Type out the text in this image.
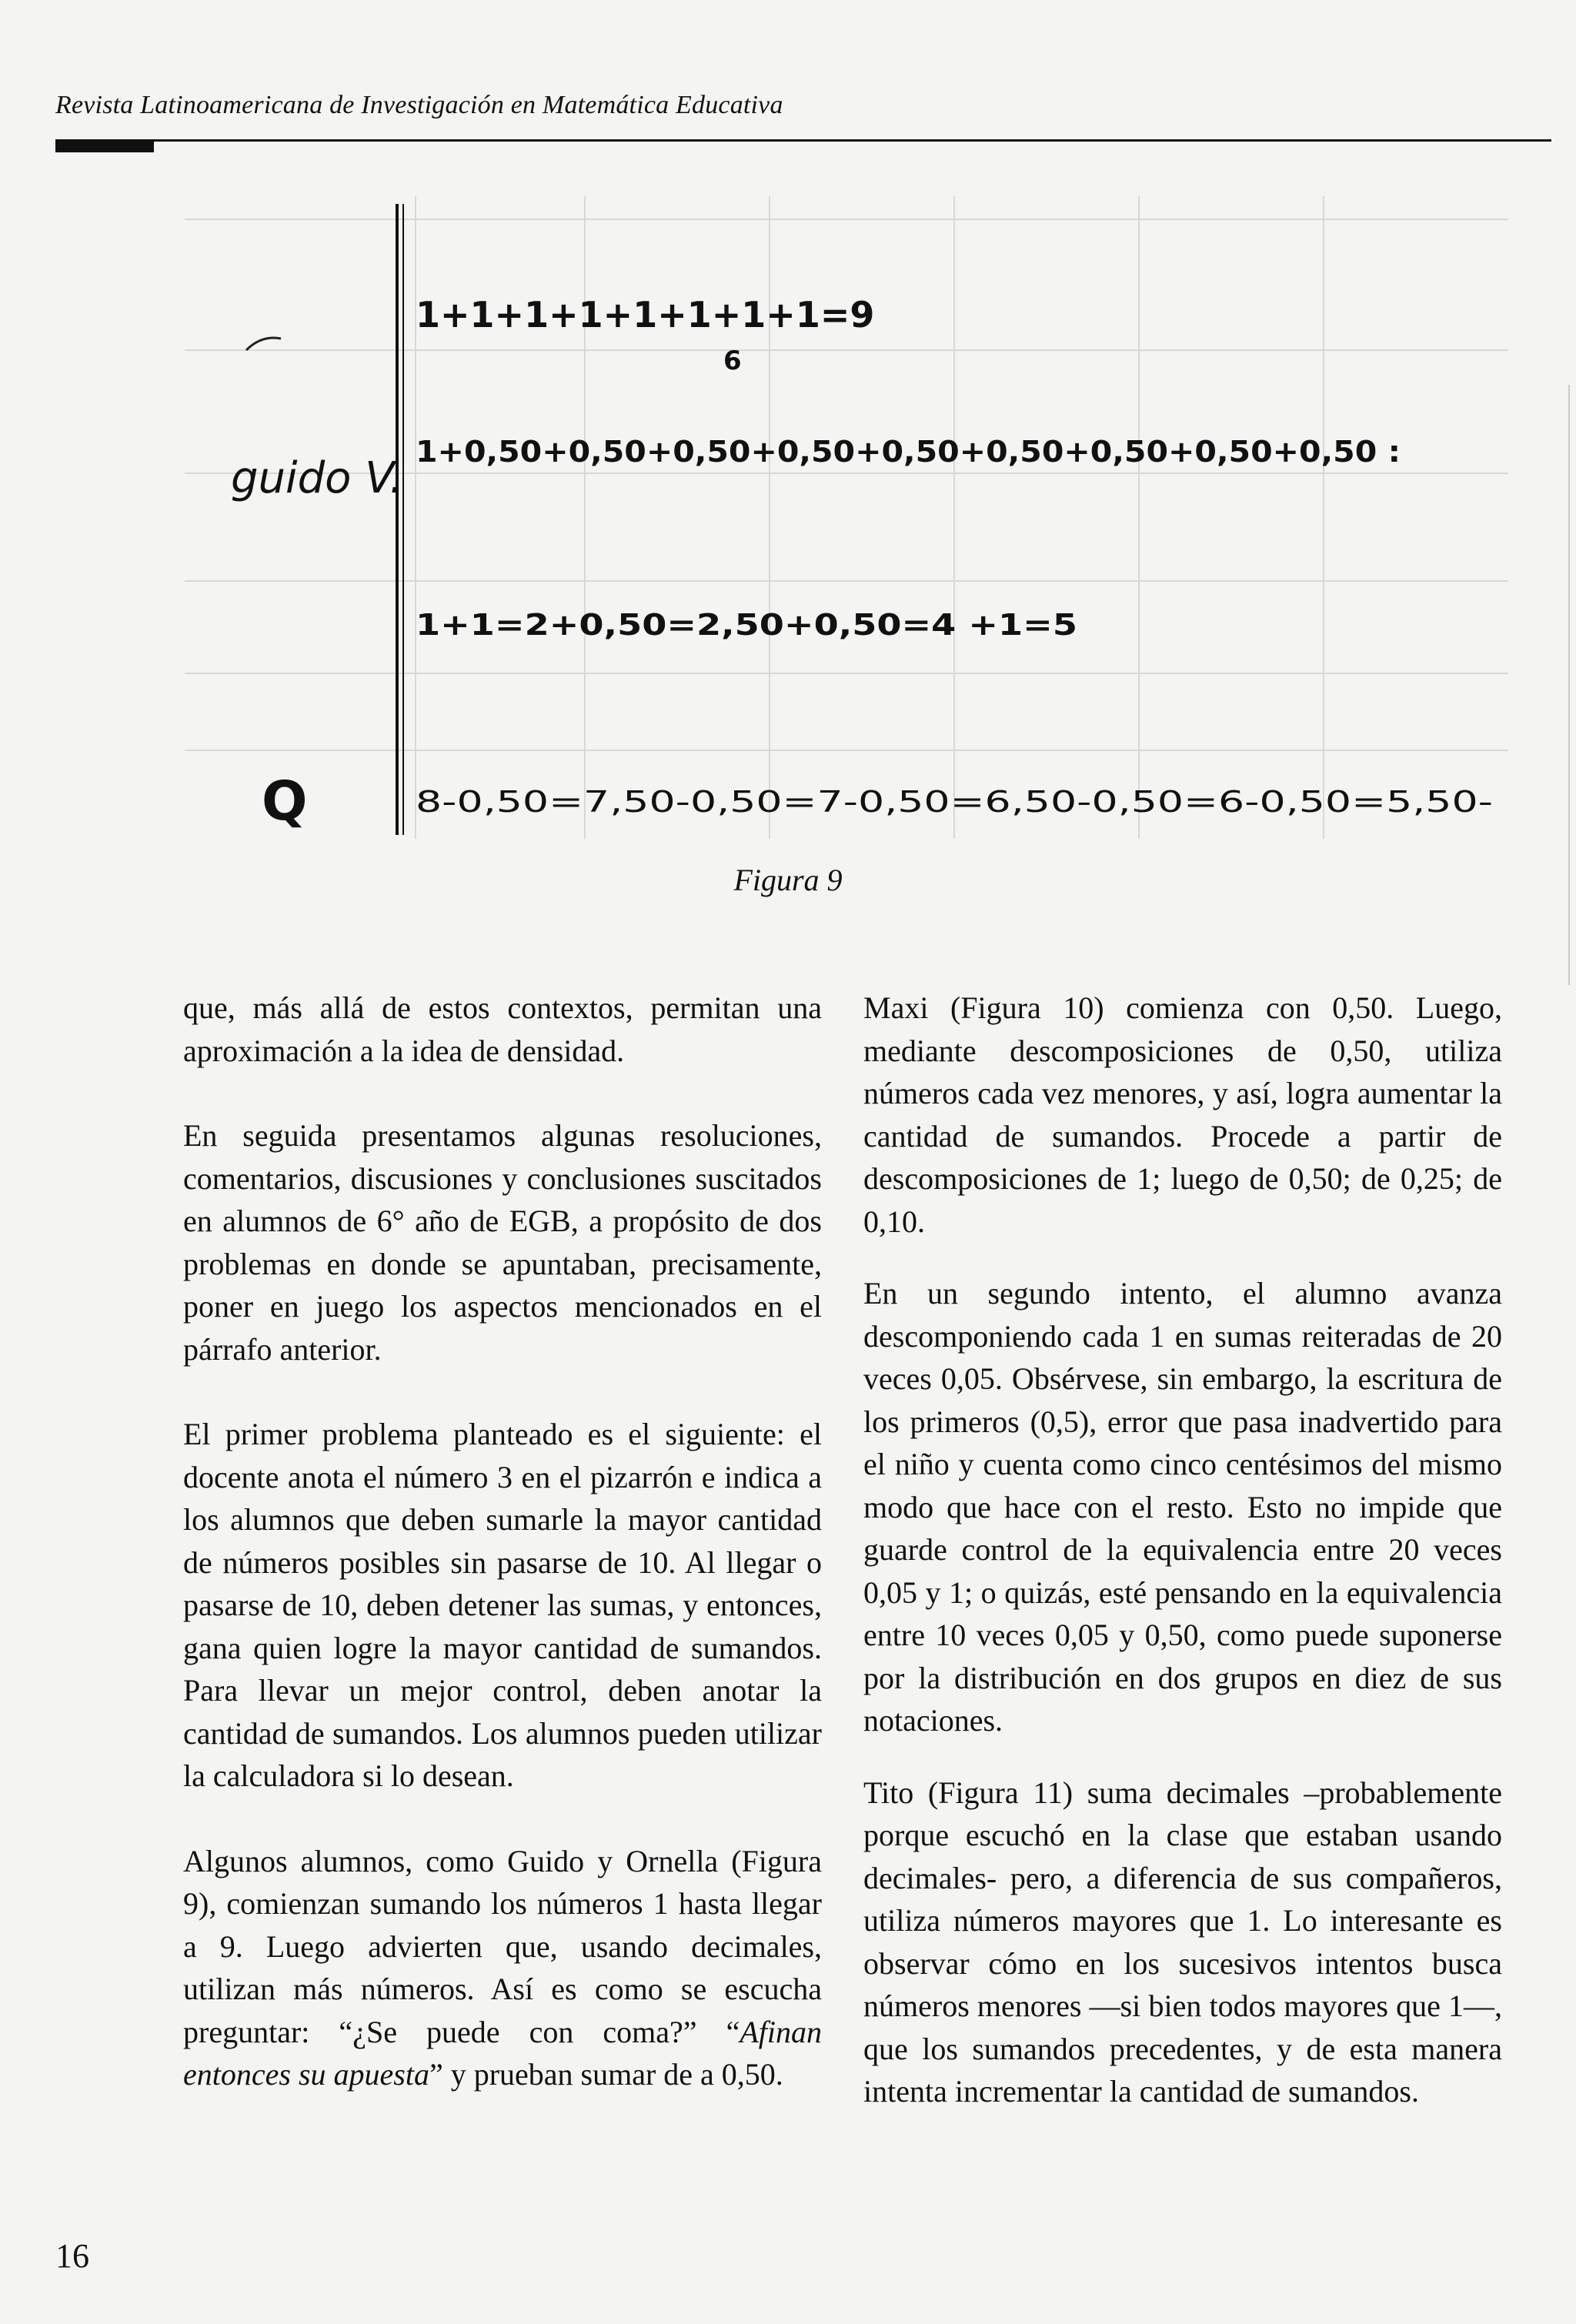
Revista Latinoamericana de Investigación en Matemática Educativa
1+1+1+1+1+1+1+1=9
6
guido V.
1+0,50+0,50+0,50+0,50+0,50+0,50+0,50+0,50+0,50 :
1+1=2+0,50=2,50+0,50=4 +1=5
Q	8-0,50=7,50-0,50=7-0,50=6,50-0,50=6-0,50=5,50-
Figura 9

que, más allá de estos contextos, permitan una aproximación a la idea de densidad.

En seguida presentamos algunas resoluciones, comentarios, discusiones y conclusiones suscitados en alumnos de 6° año de EGB, a propósito de dos problemas en donde se apuntaban, precisamente, poner en juego los aspectos mencionados en el párrafo anterior.

El primer problema planteado es el siguiente: el docente anota el número 3 en el pizarrón e indica a los alumnos que deben sumarle la mayor cantidad de números posibles sin pasarse de 10. Al llegar o pasarse de 10, deben detener las sumas, y entonces, gana quien logre la mayor cantidad de sumandos. Para llevar un mejor control, deben anotar la cantidad de sumandos. Los alumnos pueden utilizar la calculadora si lo desean.

Algunos alumnos, como Guido y Ornella (Figura 9), comienzan sumando los números 1 hasta llegar a 9. Luego advierten que, usando decimales, utilizan más números. Así es como se escucha preguntar: “¿Se puede con coma?” “Afinan entonces su apuesta” y prueban sumar de a 0,50.

Maxi (Figura 10) comienza con 0,50. Luego, mediante descomposiciones de 0,50, utiliza números cada vez menores, y así, logra aumentar la cantidad de sumandos. Procede a partir de descomposiciones de 1; luego de 0,50; de 0,25; de 0,10.

En un segundo intento, el alumno avanza descomponiendo cada 1 en sumas reiteradas de 20 veces 0,05. Obsérvese, sin embargo, la escritura de los primeros (0,5), error que pasa inadvertido para el niño y cuenta como cinco centésimos del mismo modo que hace con el resto. Esto no impide que guarde control de la equivalencia entre 20 veces 0,05 y 1; o quizás, esté pensando en la equivalencia entre 10 veces 0,05 y 0,50, como puede suponerse por la distribución en dos grupos en diez de sus notaciones.

Tito (Figura 11) suma decimales –probablemente porque escuchó en la clase que estaban usando decimales- pero, a diferencia de sus compañeros, utiliza números mayores que 1. Lo interesante es observar cómo en los sucesivos intentos busca números menores —si bien todos mayores que 1—, que los sumandos precedentes, y de esta manera intenta incrementar la cantidad de sumandos.

16
